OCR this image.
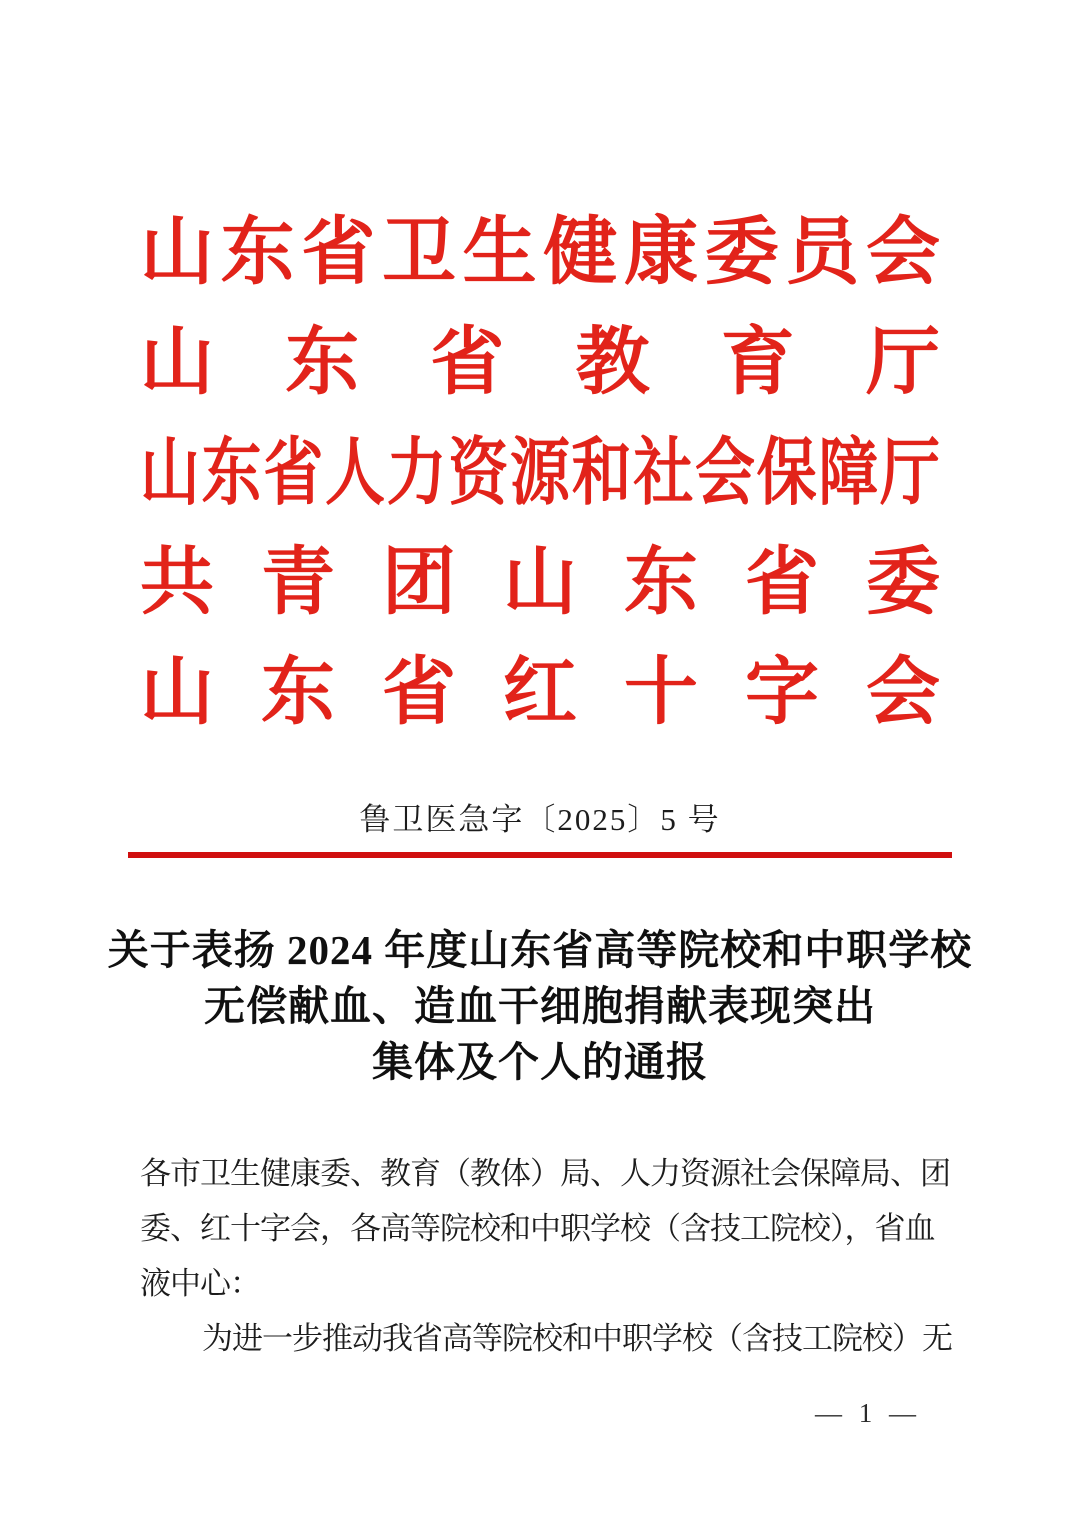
山东省卫生健康委员会
山东省教育厅
山东省人力资源和社会保障厅
共青团山东省委
山东省红十字会
鲁卫医急字〔2025〕5 号
关于表扬 2024 年度山东省高等院校和中职学校
无偿献血、造血干细胞捐献表现突出
集体及个人的通报
各市卫生健康委、教育（教体）局、人力资源社会保障局、团
委、红十字会，各高等院校和中职学校（含技工院校），省血
液中心：
为进一步推动我省高等院校和中职学校（含技工院校）无
— 1 —
